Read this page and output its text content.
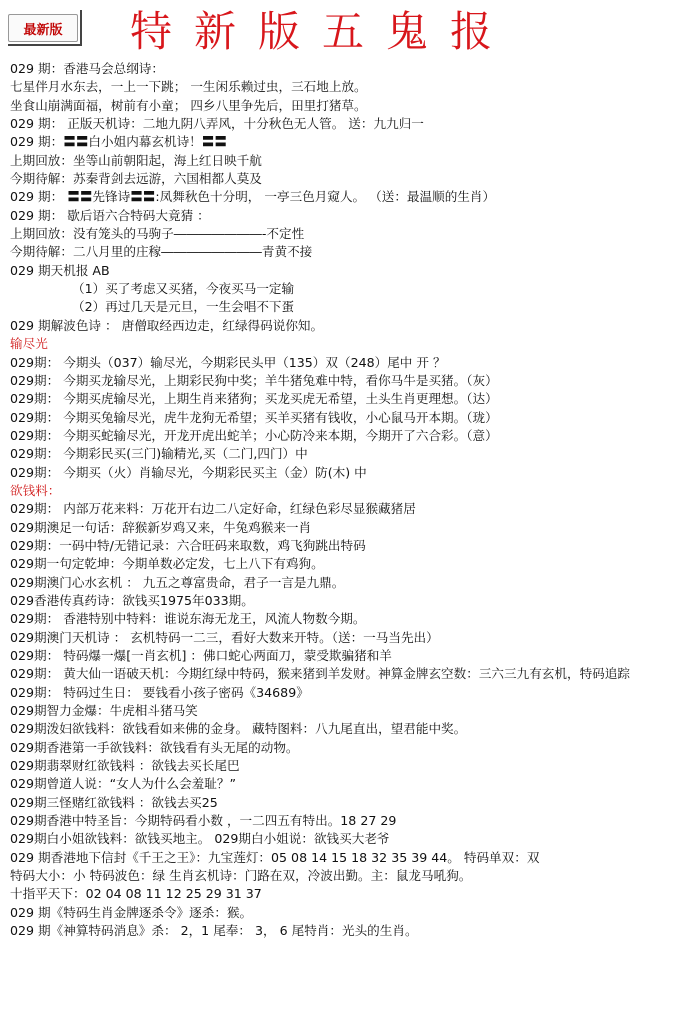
最新版	特新版五鬼报
029 期：香港马会总纲诗：
七星伴月水东去，一上一下跳； 一生闲乐赖过虫，三石地上放。
坐食山崩满面福，树前有小童； 四乡八里争先后，田里打猪草。
029 期： 正版天机诗：二地九阴八弄风，十分秋色无人管。 送：九九归一
029 期：〓〓白小姐内幕玄机诗！〓〓
上期回放：坐等山前朝阳起，海上红日映千航
今期待解：苏秦背剑去远游，六国相都人莫及
029 期： 〓〓先锋诗〓〓:凤舞秋色十分明， 一亭三色月窥人。 （送：最温顺的生肖）
029 期： 歇后语六合特码大竟猜 ：
上期回放：没有笼头的马驹子―――――――-不定性
今期待解：二八月里的庄稼――――――――青黄不接
029 期天机报 AB
（1）买了考虑又买猪，今夜买马一定输
（2）再过几天是元旦，一生会唱不下蛋
029 期解波色诗 ： 唐僧取经西边走，红绿得码说你知。
输尽光
029期： 今期头（037）输尽光，今期彩民头甲（135）双（248）尾中 开 ？
029期： 今期买龙输尽光，上期彩民狗中奖；羊牛猪兔难中特，看你马牛是买猪。（灰）
029期： 今期买虎输尽光，上期生肖来猪狗；买龙买虎无希望，土头生肖更理想。（达）
029期： 今期买兔输尽光，虎牛龙狗无希望；买羊买猪有钱收，小心鼠马开本期。（珑）
029期： 今期买蛇输尽光，开龙开虎出蛇羊；小心防冷来本期，今期开了六合彩。（意）
029期： 今期彩民买(三门)输精光,买（二门,四门）中
029期： 今期买（火）肖输尽光，今期彩民买主（金）防(木) 中
欲钱料：
029期： 内部万花来料：万花开右边二八定好命，红绿色彩尽显猴藏猪居
029期澳足一句话：辞猴新岁鸡又来，牛兔鸡猴来一肖
029期：一码中特/无错记录：六合旺码来取数，鸡飞狗跳出特码
029期一句定乾坤：今期单数必定发，七上八下有鸡狗。
029期澳门心水玄机 ： 九五之尊富贵命，君子一言是九鼎。
029香港传真药诗：欲钱买1975年033期。
029期： 香港特别中特料：谁说东海无龙王，风流人物数今期。
029期澳门天机诗 ： 玄机特码一二三，看好大数来开特。（送：一马当先出）
029期： 特码爆一爆[一肖玄机] ：佛口蛇心两面刀，蒙受欺骗猪和羊
029期： 黄大仙一语破天机：今期红绿中特码，猴来猪到羊发财。神算金牌玄空数：三六三九有玄机，特码追踪
029期： 特码过生日： 要钱看小孩子密码《34689》
029期智力金爆：牛虎相斗猪马笑
029期泼妇欲钱料：欲钱看如来佛的金身。 藏特图料：八九尾直出，望君能中奖。
029期香港第一手欲钱料：欲钱看有头无尾的动物。
029期翡翠财红欲钱料 ：欲钱去买长尾巴
029期曾道人说：“女人为什么会羞耻？”
029期三怪赌红欲钱料 ：欲钱去买25
029期香港中特圣旨：今期特码看小数 ，一二四五有特出。18 27 29
029期白小姐欲钱料：欲钱买地主。 029期白小姐说：欲钱买大老爷
029 期香港地下信封《千王之王》：九宝莲灯：05 08 14 15 18 32 35 39 44。 特码单双：双
特码大小：小 特码波色：绿 生肖玄机诗：门路在双，冷波出勤。主：鼠龙马吼狗。
十指平天下：02 04 08 11 12 25 29 31 37
029 期《特码生肖金牌逐杀令》逐杀：猴。
029 期《神算特码消息》杀： 2，1 尾奉： 3， 6 尾特肖：光头的生肖。
